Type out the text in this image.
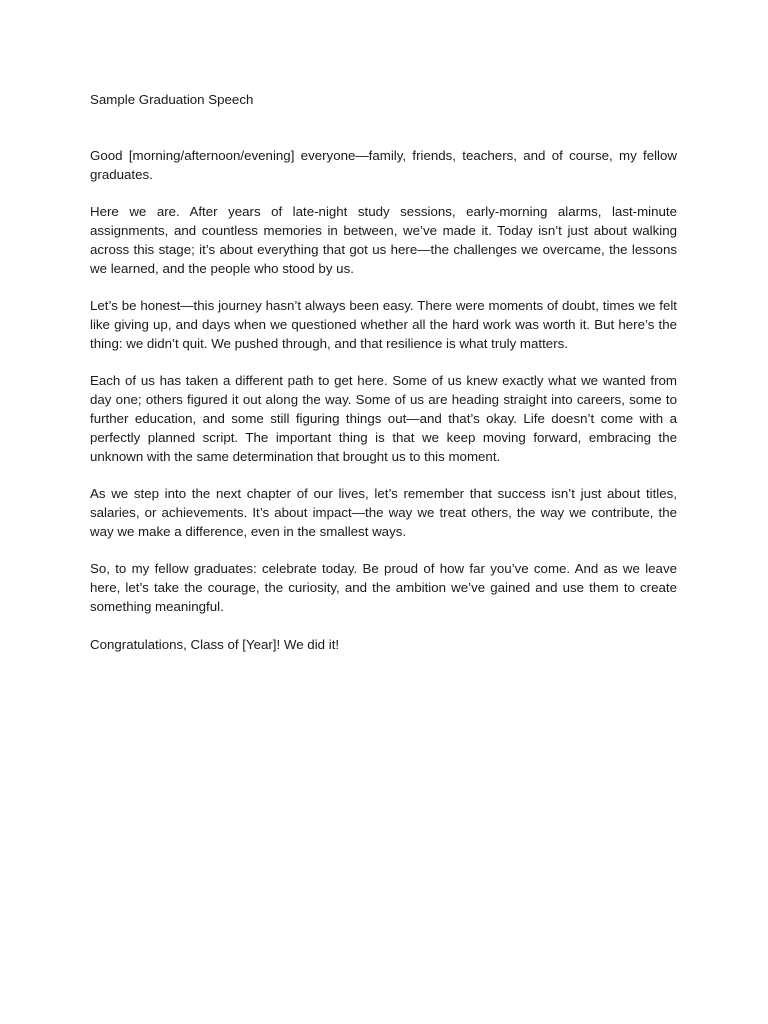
Sample Graduation Speech

Good [morning/afternoon/evening] everyone—family, friends, teachers, and of course, my fellow graduates.

Here we are. After years of late-night study sessions, early-morning alarms, last-minute assignments, and countless memories in between, we’ve made it. Today isn’t just about walking across this stage; it’s about everything that got us here—the challenges we overcame, the lessons we learned, and the people who stood by us.

Let’s be honest—this journey hasn’t always been easy. There were moments of doubt, times we felt like giving up, and days when we questioned whether all the hard work was worth it. But here’s the thing: we didn’t quit. We pushed through, and that resilience is what truly matters.

Each of us has taken a different path to get here. Some of us knew exactly what we wanted from day one; others figured it out along the way. Some of us are heading straight into careers, some to further education, and some still figuring things out—and that’s okay. Life doesn’t come with a perfectly planned script. The important thing is that we keep moving forward, embracing the unknown with the same determination that brought us to this moment.

As we step into the next chapter of our lives, let’s remember that success isn’t just about titles, salaries, or achievements. It’s about impact—the way we treat others, the way we contribute, the way we make a difference, even in the smallest ways.

So, to my fellow graduates: celebrate today. Be proud of how far you’ve come. And as we leave here, let’s take the courage, the curiosity, and the ambition we’ve gained and use them to create something meaningful.

Congratulations, Class of [Year]! We did it!
